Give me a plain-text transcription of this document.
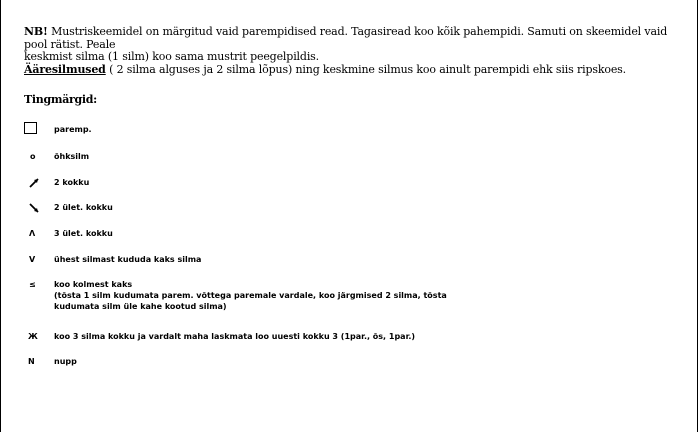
NB! Mustriskeemidel on märgitud vaid parempidised read. Tagasiread koo kõik pahempidi. Samuti on skeemidel vaid pool rätist. Peale

keskmist silma (1 silm) koo sama mustrit peegelpildis.

Ääresilmused ( 2 silma alguses ja 2 silma lõpus) ning keskmine silmus koo ainult parempidi ehk siis ripskoes.

Tingmärgid:
paremp.
o	õhksilm
2 kokku
2 ület. kokku
Λ	3 ület. kokku
V	ühest silmast kududa kaks silma
≤	koo kolmest kaks
(tõsta 1 silm kudumata parem. võttega paremale vardale, koo järgmised 2 silma, tõsta
kudumata silm üle kahe kootud silma)
Ж	koo 3 silma kokku ja vardalt maha laskmata loo uuesti kokku 3 (1par., õs, 1par.)
N	nupp
